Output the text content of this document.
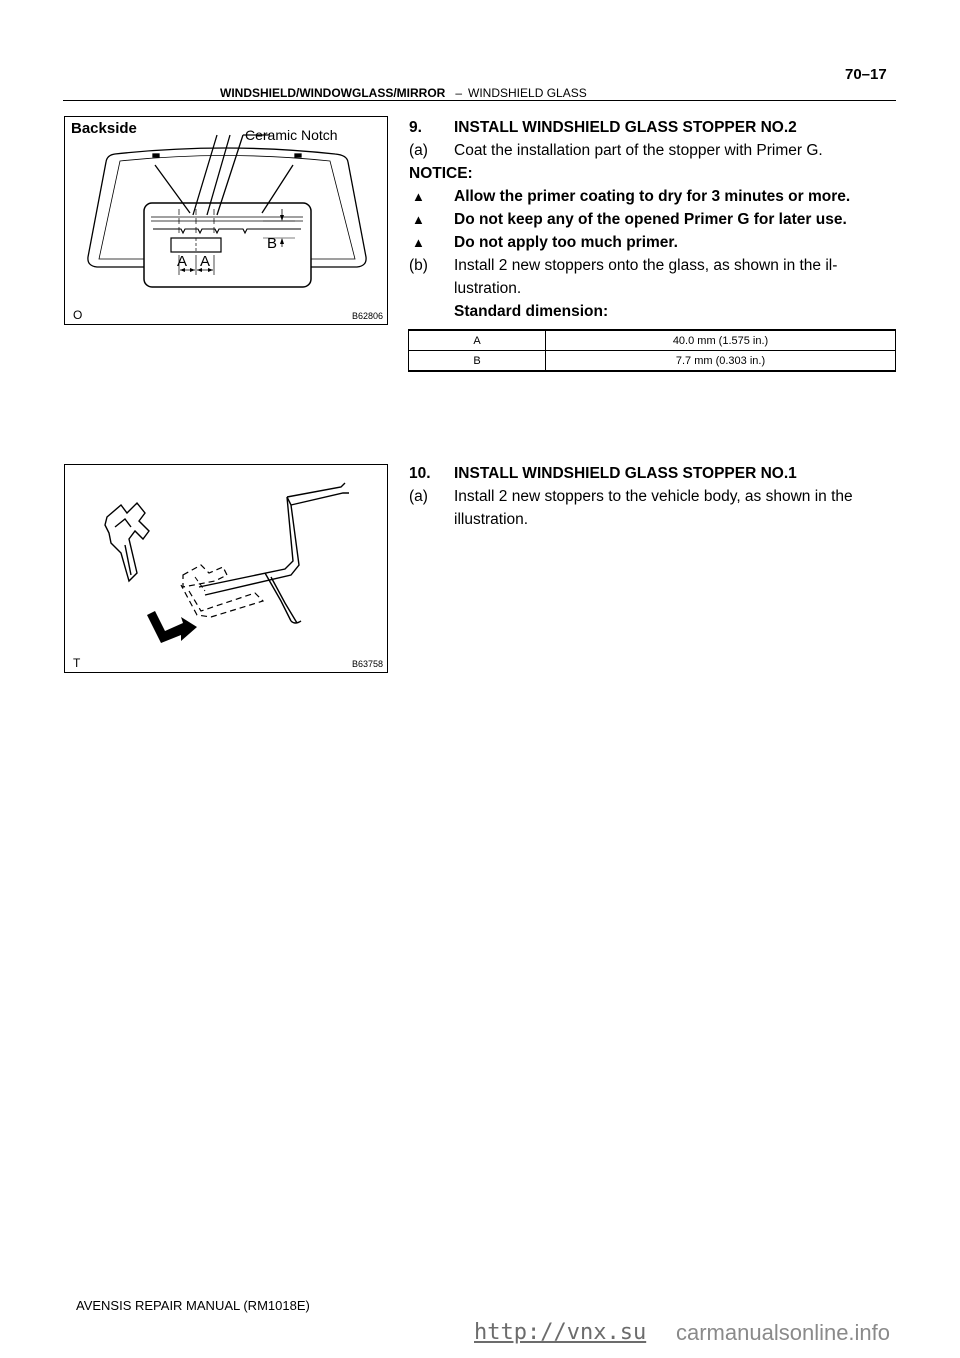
WINDSHIELD/WINDOWGLASS/MIRROR – WINDSHIELD GLASS
70–17
Backside	Ceramic Notch
A A
B
O	B62806
T	B63758
9. INSTALL WINDSHIELD GLASS STOPPER NO.2
(a) Coat the installation part of the stopper with Primer G.
NOTICE:
▲ Allow the primer coating to dry for 3 minutes or more.
▲ Do not keep any of the opened Primer G for later use.
▲ Do not apply too much primer.
(b) Install 2 new stoppers onto the glass, as shown in the il-
lustration.
Standard dimension:
A	40.0 mm (1.575 in.)
B	7.7 mm (0.303 in.)
10. INSTALL WINDSHIELD GLASS STOPPER NO.1
(a) Install 2 new stoppers to the vehicle body, as shown in the
illustration.
AVENSIS REPAIR MANUAL (RM1018E)
http://vnx.su carmanualsonline.info
